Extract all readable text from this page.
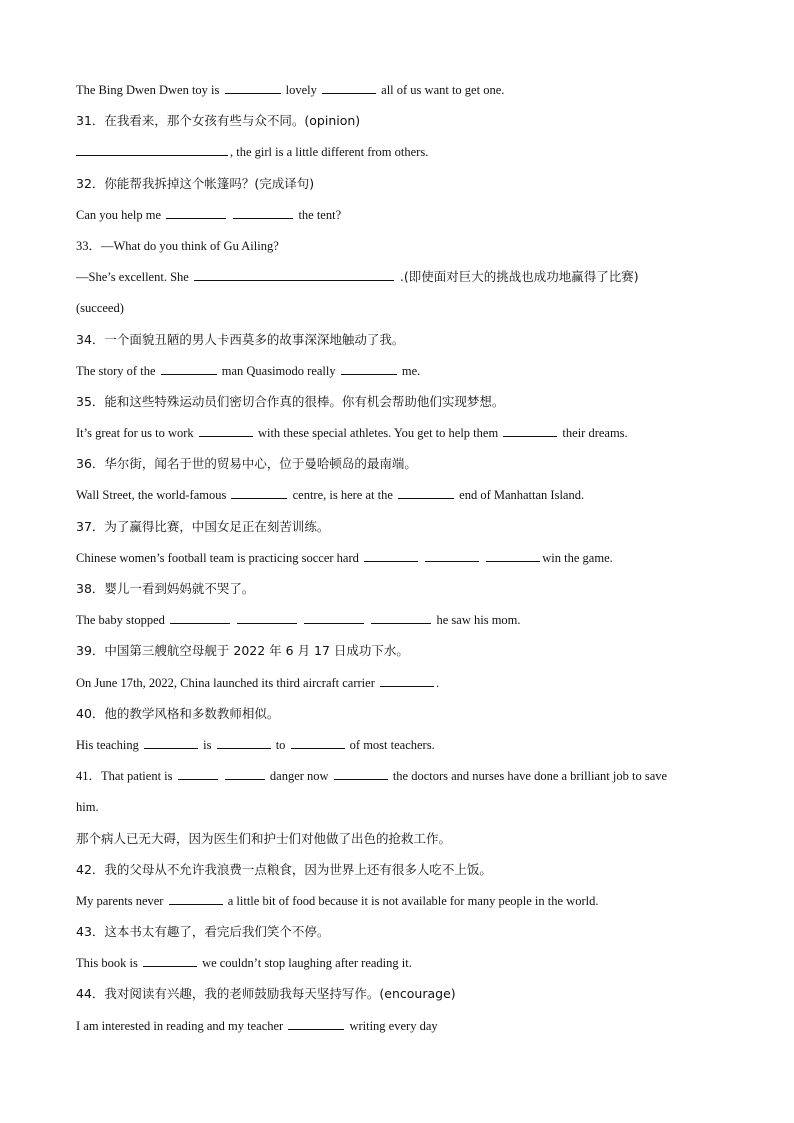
The Bing Dwen Dwen toy is	lovely	all of us want to get one.
31．在我看来，那个女孩有些与众不同。(opinion)
, the girl is a little different from others.
32．你能帮我拆掉这个帐篷吗？(完成译句)
Can you help me	the tent?
33．—What do you think of Gu Ailing?
—She’s excellent. She	.(即使面对巨大的挑战也成功地赢得了比赛)
(succeed)
34．一个面貌丑陋的男人卡西莫多的故事深深地触动了我。
The story of the	man Quasimodo really	me.
35．能和这些特殊运动员们密切合作真的很棒。你有机会帮助他们实现梦想。
It’s great for us to work	with these special athletes. You get to help them	their dreams.
36．华尔街，闻名于世的贸易中心，位于曼哈顿岛的最南端。
Wall Street, the world-famous	centre, is here at the	end of Manhattan Island.
37．为了赢得比赛，中国女足正在刻苦训练。
Chinese women’s football team is practicing soccer hard	win the game.
38．婴儿一看到妈妈就不哭了。
The baby stopped	he saw his mom.
39．中国第三艘航空母舰于 2022 年 6 月 17 日成功下水。
On June 17th, 2022, China launched its third aircraft carrier	.
40．他的教学风格和多数教师相似。
His teaching	is	to	of most teachers.
41．That patient is	danger now	the doctors and nurses have done a brilliant job to save
him.
那个病人已无大碍，因为医生们和护士们对他做了出色的抢救工作。
42．我的父母从不允许我浪费一点粮食，因为世界上还有很多人吃不上饭。
My parents never	a little bit of food because it is not available for many people in the world.
43．这本书太有趣了，看完后我们笑个不停。
This book is	we couldn’t stop laughing after reading it.
44．我对阅读有兴趣，我的老师鼓励我每天坚持写作。(encourage)
I am interested in reading and my teacher	writing every day
